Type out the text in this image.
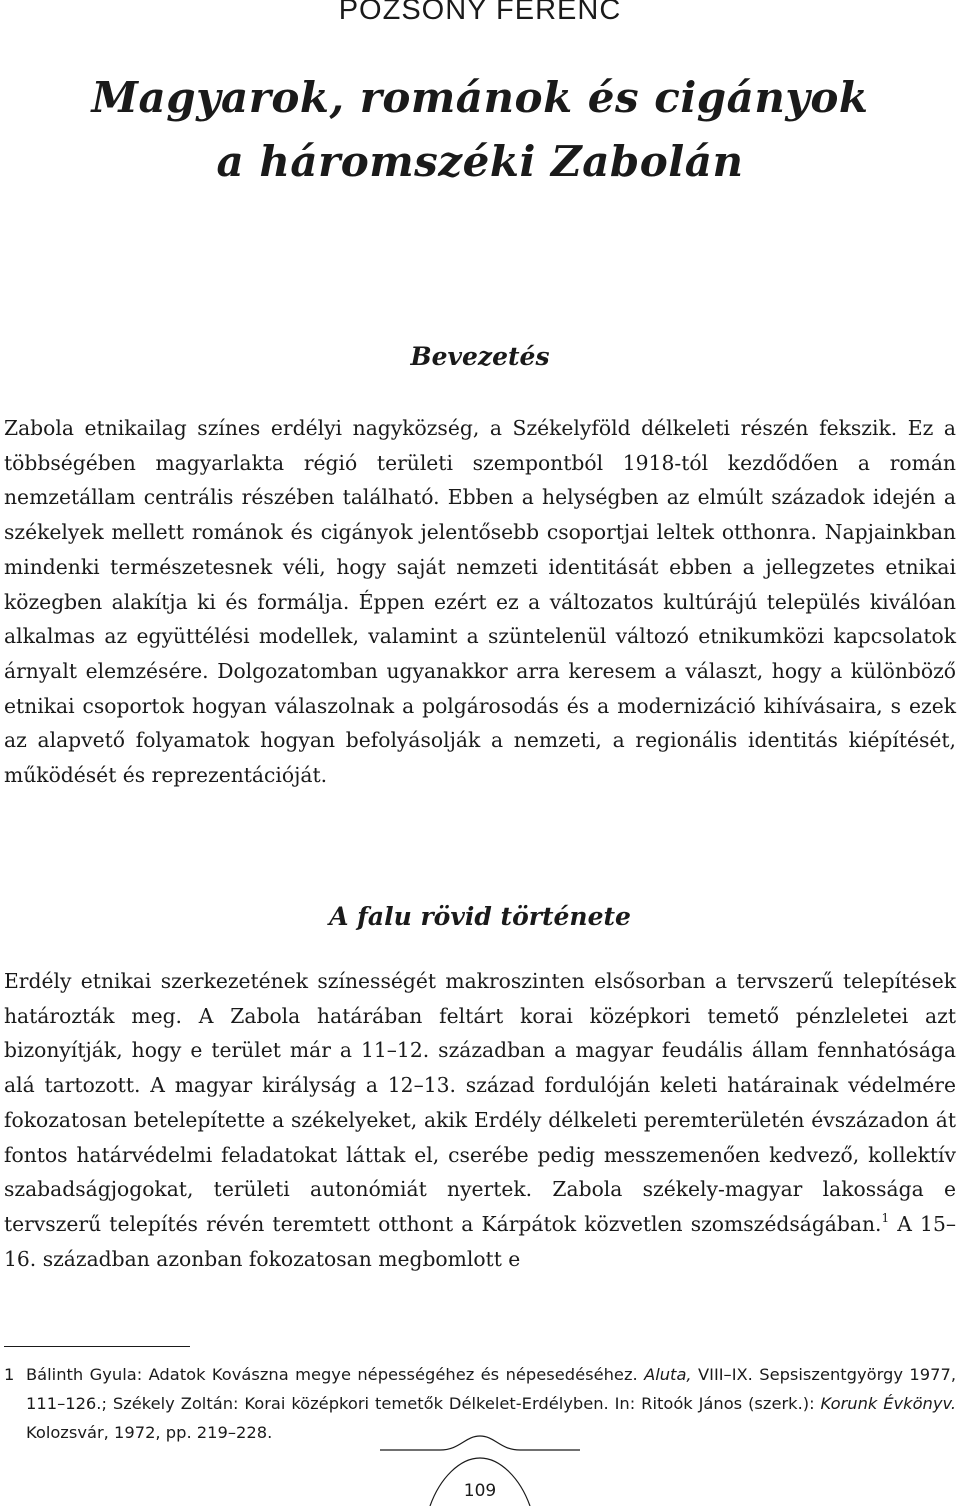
POZSONY FERENC
Magyarok, románok és cigányok
a háromszéki Zabolán
Bevezetés

Zabola etnikailag színes erdélyi nagyközség, a Székelyföld délkeleti részén fekszik. Ez a többségében magyarlakta régió területi szempontból 1918-tól kezdődően a román nemzetállam centrális részében található. Ebben a helységben az elmúlt századok idején a székelyek mellett románok és cigányok jelentősebb csoportjai leltek otthonra. Napjainkban mindenki természetesnek véli, hogy saját nemzeti identitását ebben a jellegzetes etnikai közegben alakítja ki és formálja. Éppen ezért ez a változatos kultúrájú település kiválóan alkalmas az együttélési modellek, valamint a szüntelenül változó etnikumközi kapcsolatok árnyalt elemzésére. Dolgozatomban ugyanakkor arra keresem a választ, hogy a különböző etnikai csoportok hogyan válaszolnak a polgárosodás és a modernizáció kihívásaira, s ezek az alapvető folyamatok hogyan befolyásolják a nemzeti, a regionális identitás kiépítését, működését és reprezentációját.

A falu rövid története

Erdély etnikai szerkezetének színességét makroszinten elsősorban a tervszerű telepítések határozták meg. A Zabola határában feltárt korai középkori temető pénzleletei azt bizonyítják, hogy e terület már a 11–12. században a magyar feudális állam fennhatósága alá tartozott. A magyar királyság a 12–13. század fordulóján keleti határainak védelmére fokozatosan betelepítette a székelyeket, akik Erdély délkeleti peremterületén évszázadon át fontos határvédelmi feladatokat láttak el, cserébe pedig messzemenően kedvező, kollektív szabadságjogokat, területi autonómiát nyertek. Zabola székely-magyar lakossága e tervszerű telepítés révén teremtett otthont a Kárpátok közvetlen szomszédságában.$^1$ A 15–16. században azonban fokozatosan megbomlott e

1 Bálinth Gyula: Adatok Kovászna megye népességéhez és népesedéséhez. Aluta, VIII–IX. Sepsiszentgyörgy 1977, 111–126.; Székely Zoltán: Korai középkori temetők Délkelet-Erdélyben. In: Ritoók János (szerk.): Korunk Évkönyv. Kolozsvár, 1972, pp. 219–228.
109
